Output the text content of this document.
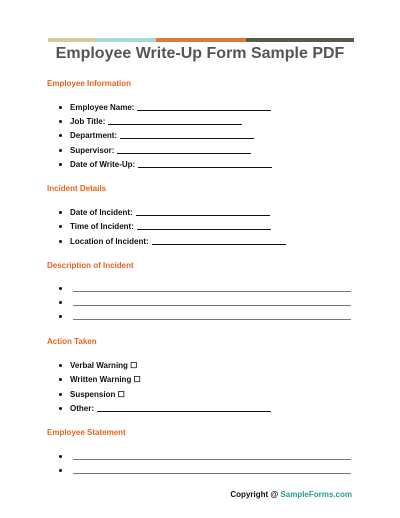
Employee Write-Up Form Sample PDF
Employee Information
Employee Name:
Job Title:
Department:
Supervisor:
Date of Write-Up:
Incident Details
Date of Incident:
Time of Incident:
Location of Incident:
Description of Incident
Action Taken
Verbal Warning ☐
Written Warning ☐
Suspension ☐
Other:
Employee Statement
Copyright @ SampleForms.com
